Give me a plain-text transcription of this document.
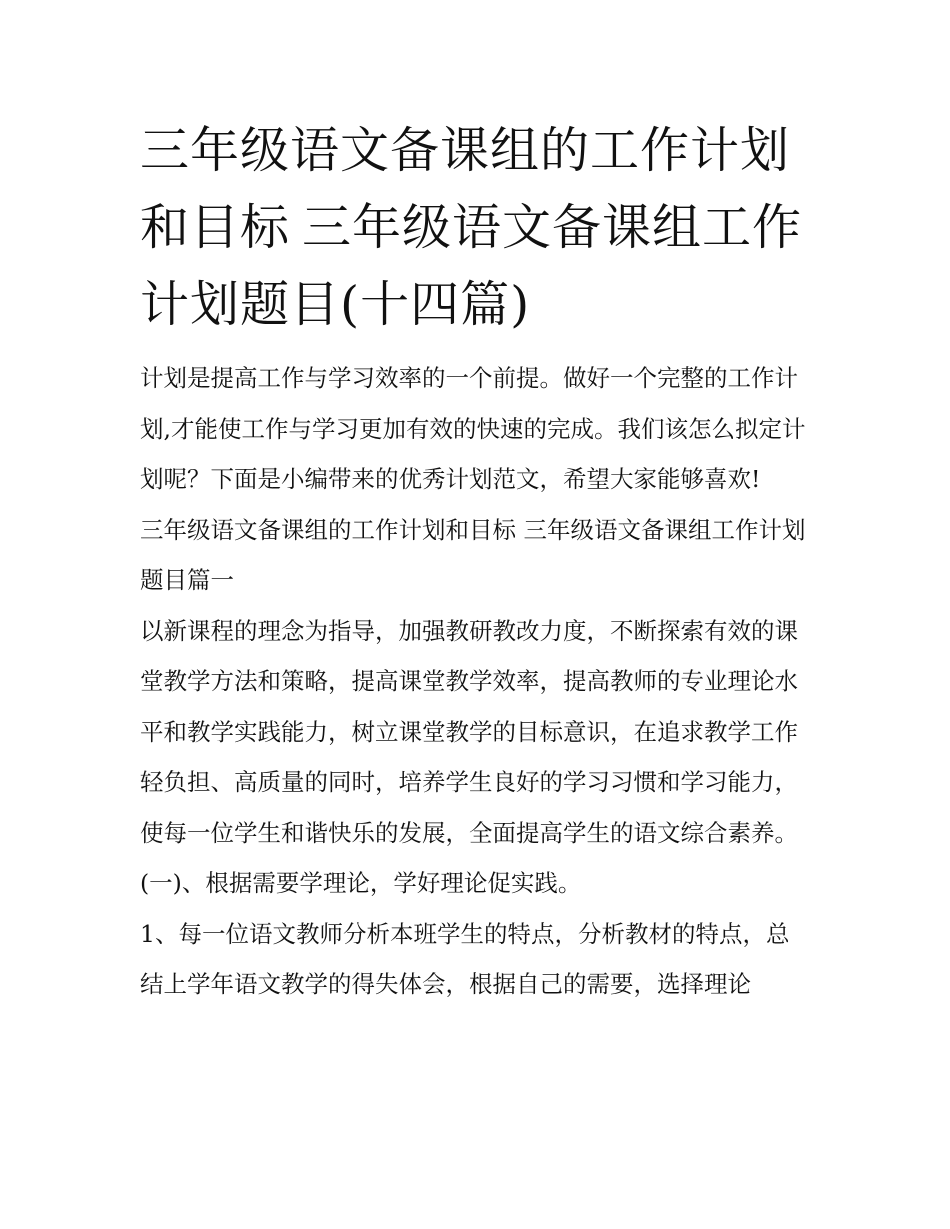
三年级语文备课组的工作计划和目标 三年级语文备课组工作计划题目(十四篇)

计划是提高工作与学习效率的一个前提。做好一个完整的工作计划,才能使工作与学习更加有效的快速的完成。我们该怎么拟定计划呢？下面是小编带来的优秀计划范文，希望大家能够喜欢!

三年级语文备课组的工作计划和目标 三年级语文备课组工作计划题目篇一

以新课程的理念为指导，加强教研教改力度，不断探索有效的课堂教学方法和策略，提高课堂教学效率，提高教师的专业理论水平和教学实践能力，树立课堂教学的目标意识，在追求教学工作轻负担、高质量的同时，培养学生良好的学习习惯和学习能力，使每一位学生和谐快乐的发展，全面提高学生的语文综合素养。

(一)、根据需要学理论，学好理论促实践。

1、每一位语文教师分析本班学生的特点，分析教材的特点，总结上学年语文教学的得失体会，根据自己的需要，选择理论
